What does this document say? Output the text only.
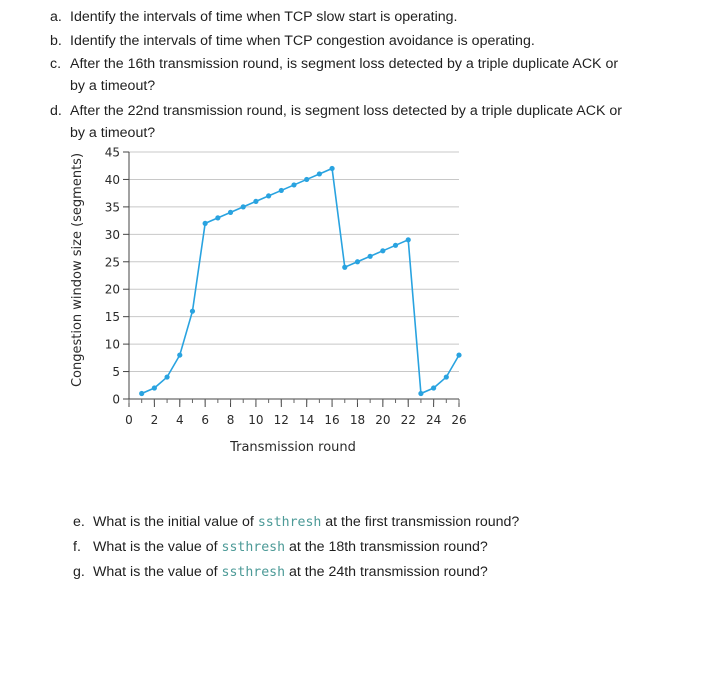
a. Identify the intervals of time when TCP slow start is operating.
b. Identify the intervals of time when TCP congestion avoidance is operating.
c. After the 16th transmission round, is segment loss detected by a triple duplicate ACK or
by a timeout?
d. After the 22nd transmission round, is segment loss detected by a triple duplicate ACK or
by a timeout?
0
5
10
15
20
25
30
35
40
45
0 2 4 6 8 10 12 14 16 18 20 22 24 26
Transmission round
Congestion window size (segments)
e. What is the initial value of ssthresh at the first transmission round?
f. What is the value of ssthresh at the 18th transmission round?
g. What is the value of ssthresh at the 24th transmission round?
